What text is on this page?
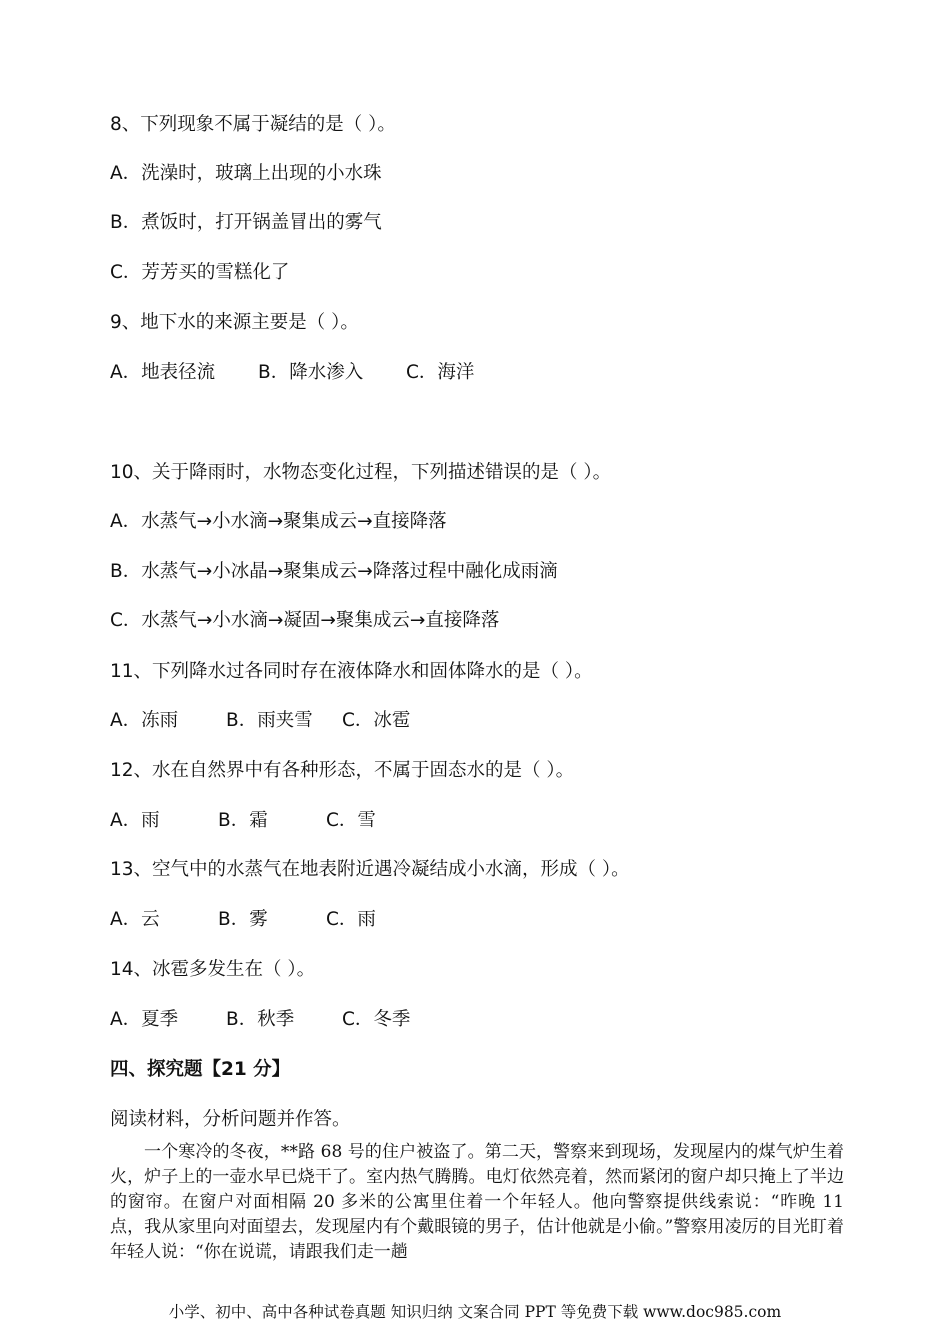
8、下列现象不属于凝结的是（ ）。
A．洗澡时，玻璃上出现的小水珠
B．煮饭时，打开锅盖冒出的雾气
C．芳芳买的雪糕化了
9、地下水的来源主要是（ ）。
A．地表径流 B．降水渗入 C．海洋
10、关于降雨时，水物态变化过程，下列描述错误的是（ ）。
A．水蒸气→小水滴→聚集成云→直接降落
B．水蒸气→小冰晶→聚集成云→降落过程中融化成雨滴
C．水蒸气→小水滴→凝固→聚集成云→直接降落
11、下列降水过各同时存在液体降水和固体降水的是（ ）。
A．冻雨	B．雨夹雪 C．冰雹
12、水在自然界中有各种形态，不属于固态水的是（ ）。
A．雨	B．霜	C．雪
13、空气中的水蒸气在地表附近遇冷凝结成小水滴，形成（ ）。
A．云	B．雾	C．雨
14、冰雹多发生在（ ）。
A．夏季	B．秋季	C．冬季
四、探究题【21 分】
阅读材料，分析问题并作答。

一个寒冷的冬夜，**路 68 号的住户被盗了。第二天，警察来到现场，发现屋内的煤气炉生着火，炉子上的一壶水早已烧干了。室内热气腾腾。电灯依然亮着，然而紧闭的窗户却只掩上了半边的窗帘。在窗户对面相隔 20 多米的公寓里住着一个年轻人。他向警察提供线索说：“昨晚 11 点，我从家里向对面望去，发现屋内有个戴眼镜的男子，估计他就是小偷。”警察用凌厉的目光盯着年轻人说：“你在说谎，请跟我们走一趟

小学、初中、高中各种试卷真题 知识归纳 文案合同 PPT 等免费下载 www.doc985.com
